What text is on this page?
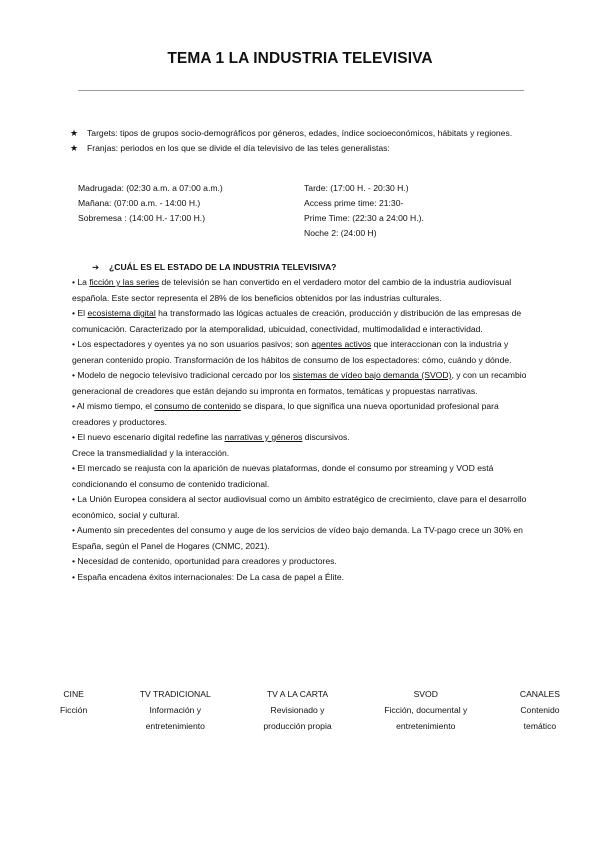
TEMA 1 LA INDUSTRIA TELEVISIVA
★	Targets: tipos de grupos socio-demográficos por géneros, edades, índice socioeconómicos, hábitats y regiones.
★	Franjas: periodos en los que se divide el día televisivo de las teles generalistas:
Madrugada: (02:30 a.m. a 07:00 a.m.)
Mañana: (07:00 a.m. - 14:00 H.)
Sobremesa : (14:00 H.- 17:00 H.)
Tarde: (17:00 H. - 20:30 H.)
Access prime time: 21:30-
Prime Time: (22:30 a 24:00 H.).
Noche 2: (24:00 H)
➔ ¿CUÁL ES EL ESTADO DE LA INDUSTRIA TELEVISIVA?

• La ficción y las series de televisión se han convertido en el verdadero motor del cambio de la industria audiovisual española. Este sector representa el 28% de los beneficios obtenidos por las industrias culturales.

• El ecosistema digital ha transformado las lógicas actuales de creación, producción y distribución de las empresas de comunicación. Caracterizado por la atemporalidad, ubicuidad, conectividad, multimodalidad e interactividad.

• Los espectadores y oyentes ya no son usuarios pasivos; son agentes activos que interaccionan con la industria y generan contenido propio. Transformación de los hábitos de consumo de los espectadores: cómo, cuándo y dónde.

• Modelo de negocio televisivo tradicional cercado por los sistemas de vídeo bajo demanda (SVOD), y con un recambio generacional de creadores que están dejando su impronta en formatos, temáticas y propuestas narrativas.

• Al mismo tiempo, el consumo de contenido se dispara, lo que significa una nueva oportunidad profesional para creadores y productores.

• El nuevo escenario digital redefine las narrativas y géneros discursivos.

Crece la transmedialidad y la interacción.

• El mercado se reajusta con la aparición de nuevas plataformas, donde el consumo por streaming y VOD está condicionando el consumo de contenido tradicional.

• La Unión Europea considera al sector audiovisual como un ámbito estratégico de crecimiento, clave para el desarrollo económico, social y cultural.

• Aumento sin precedentes del consumo y auge de los servicios de vídeo bajo demanda. La TV-pago crece un 30% en España, según el Panel de Hogares (CNMC, 2021).

• Necesidad de contenido, oportunidad para creadores y productores.

• España encadena éxitos internacionales: De La casa de papel a Élite.

CINE
Ficción
TV TRADICIONAL
Información y
entretenimiento
TV A LA CARTA
Revisionado y
producción propia
SVOD
Ficción, documental y
entretenimiento
CANALES
Contenido
temático
